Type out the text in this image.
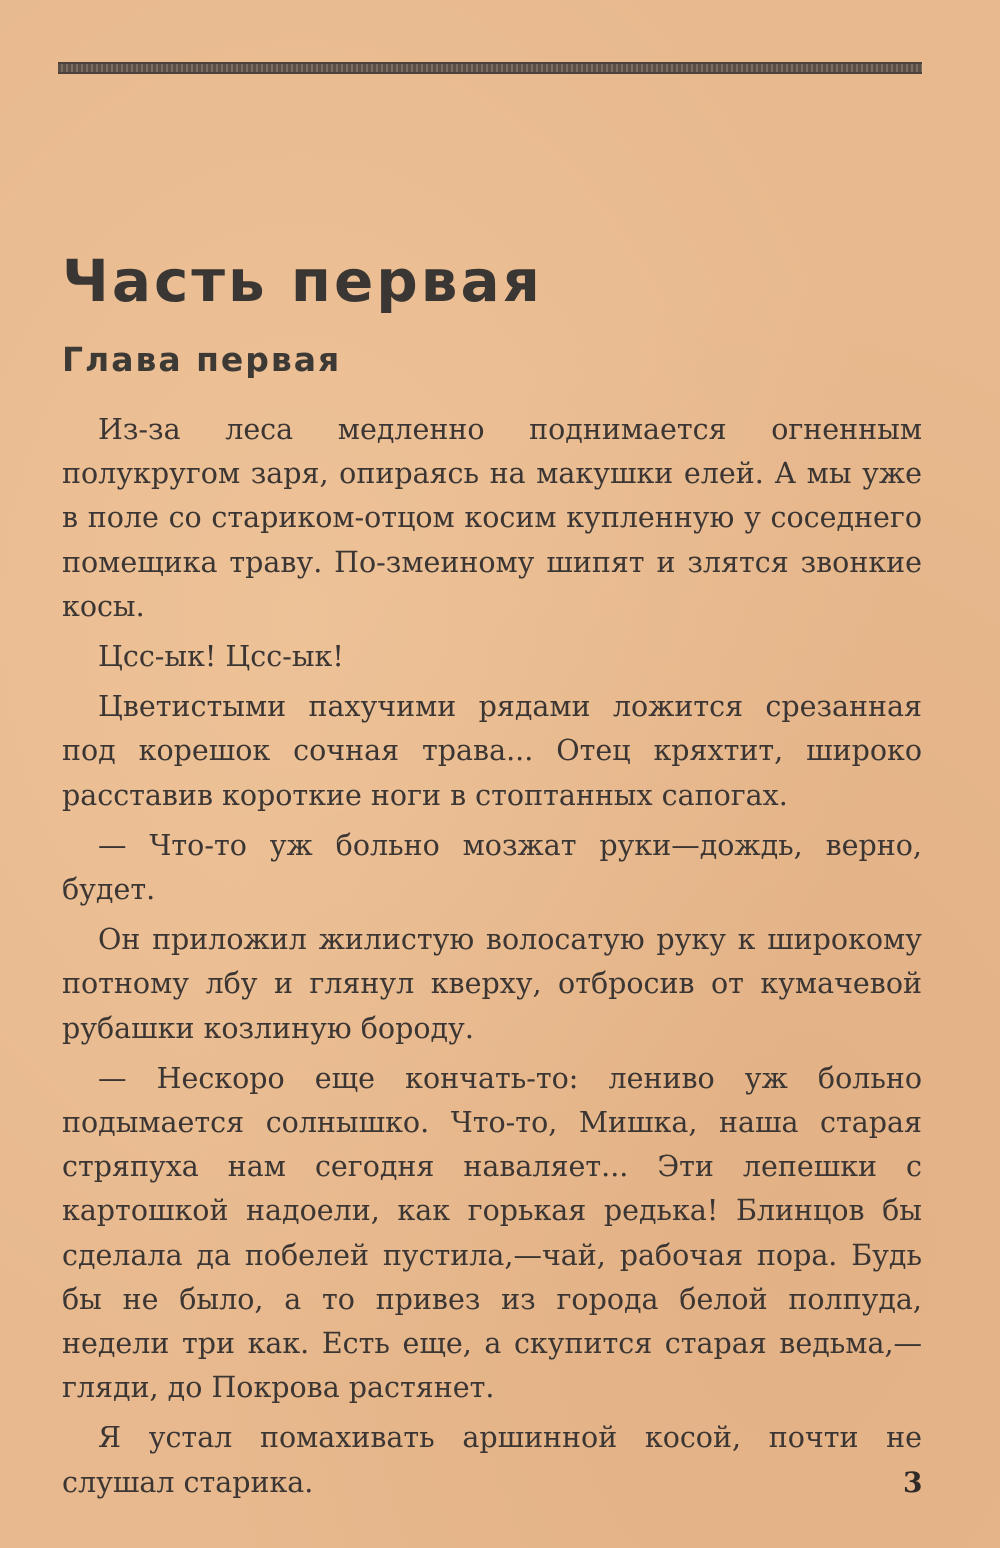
Часть первая
Глава первая

Из-за леса медленно поднимается огненным полукругом заря, опираясь на макушки елей. А мы уже в поле со стариком-отцом косим купленную у соседнего помещика траву. По-змеиному шипят и злятся звонкие косы.

Цсс-ык! Цсс-ык!

Цветистыми пахучими рядами ложится срезанная под корешок сочная трава... Отец кряхтит, широко расставив короткие ноги в стоптанных сапогах.

— Что-то уж больно мозжат руки—дождь, верно, будет.

Он приложил жилистую волосатую руку к широкому потному лбу и глянул кверху, отбросив от кумачевой рубашки козлиную бороду.

— Нескоро еще кончать-то: лениво уж больно подымается солнышко. Что-то, Мишка, наша старая стряпуха нам сегодня наваляет... Эти лепешки с картошкой надоели, как горькая редька! Блинцов бы сделала да побелей пустила,—чай, рабочая пора. Будь бы не было, а то привез из города белой полпуда, недели три как. Есть еще, а скупится старая ведьма,—гляди, до Покрова растянет.

Я устал помахивать аршинной косой, почти не слушал старика.	3
